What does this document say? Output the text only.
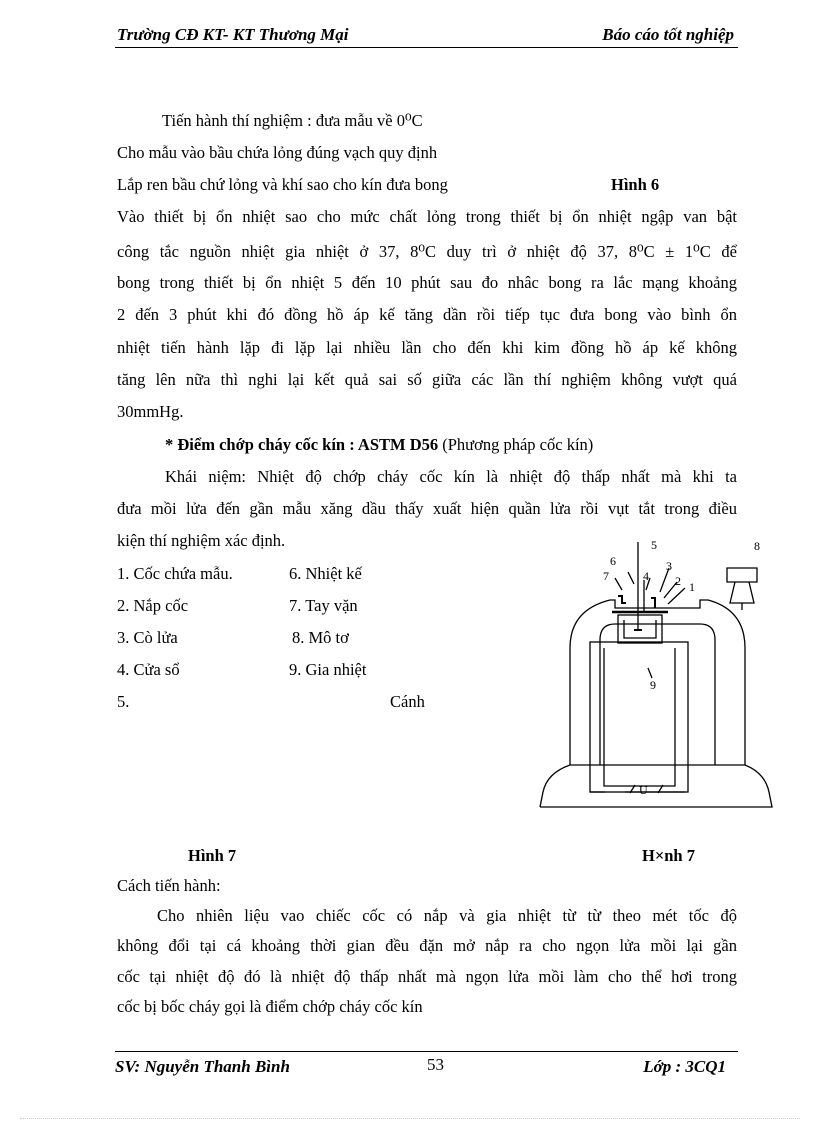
Trường CĐ KT- KT Thương Mại	Báo cáo tốt nghiệp
Tiến hành thí nghiệm : đưa mẫu về 0⁰C
Cho mẫu vào bầu chứa lỏng đúng vạch quy định
Lắp ren bầu chứ lỏng và khí sao cho kín đưa bong	Hình 6
Vào thiết bị ổn nhiệt sao cho mức chất lỏng trong thiết bị ổn nhiệt ngập van bật
công tắc nguồn nhiệt gia nhiệt ở 37, 8⁰C duy trì ở nhiệt độ 37, 8⁰C ± 1⁰C để
bong trong thiết bị ổn nhiệt 5 đến 10 phút sau đo nhâc bong ra lắc mạng khoảng
2 đến 3 phút khi đó đồng hồ áp kế tăng dần rồi tiếp tục đưa bong vào bình ổn
nhiệt tiến hành lặp đi lặp lại nhiều lần cho đến khi kim đồng hồ áp kế không
tăng lên nữa thì nghi lại kết quả sai số giữa các lần thí nghiệm không vượt quá
30mmHg.
* Điểm chớp cháy cốc kín : ASTM D56 (Phương pháp cốc kín)
Khái niệm: Nhiệt độ chớp cháy cốc kín là nhiệt độ thấp nhất mà khi ta
đưa mồi lửa đến gần mẫu xăng dầu thấy xuất hiện quần lửa rồi vụt tắt trong điều
kiện thí nghiệm xác định.
1. Cốc chứa mẫu.	6. Nhiệt kế
2. Nắp cốc	7. Tay vặn
3. Cò lửa	8. Mô tơ
4. Cửa sổ	9. Gia nhiệt
5.	Cánh
5
6	3
7	4 2 1
8
9
U
Hình 7	H×nh 7
Cách tiến hành:
Cho nhiên liệu vao chiếc cốc có nắp và gia nhiệt từ từ theo mét tốc độ
không đổi tại cá khoảng thời gian đều đặn mở nắp ra cho ngọn lửa mồi lại gần
cốc tại nhiệt độ đó là nhiệt độ thấp nhất mà ngọn lửa mồi làm cho thể hơi trong
cốc bị bốc cháy gọi là điểm chớp cháy cốc kín
SV: Nguyễn Thanh Bình	53	Lớp : 3CQ1
